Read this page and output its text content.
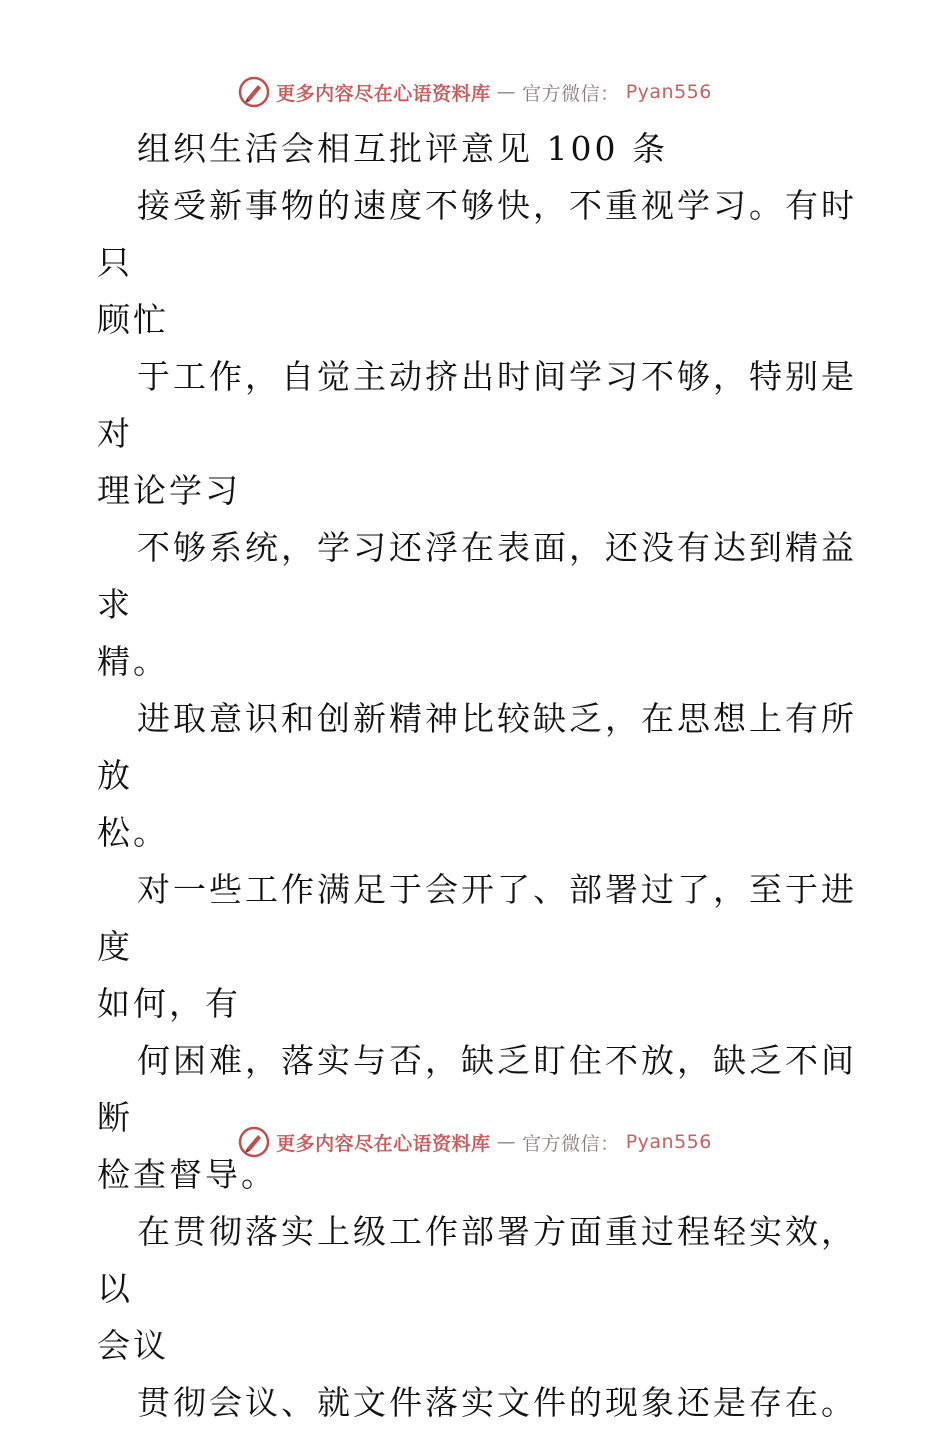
更多内容尽在心语资料库 — 官方微信： Pyan556

组织生活会相互批评意见 100 条

接受新事物的速度不够快，不重视学习。有时只

顾忙

于工作，自觉主动挤出时间学习不够，特别是对

理论学习

不够系统，学习还浮在表面，还没有达到精益求

精。

进取意识和创新精神比较缺乏，在思想上有所放

松。

对一些工作满足于会开了、部署过了，至于进度

如何，有

何困难，落实与否，缺乏盯住不放，缺乏不间断

检查督导。

在贯彻落实上级工作部署方面重过程轻实效，以

会议

贯彻会议、就文件落实文件的现象还是存在。

更多内容尽在心语资料库 — 官方微信： Pyan556
